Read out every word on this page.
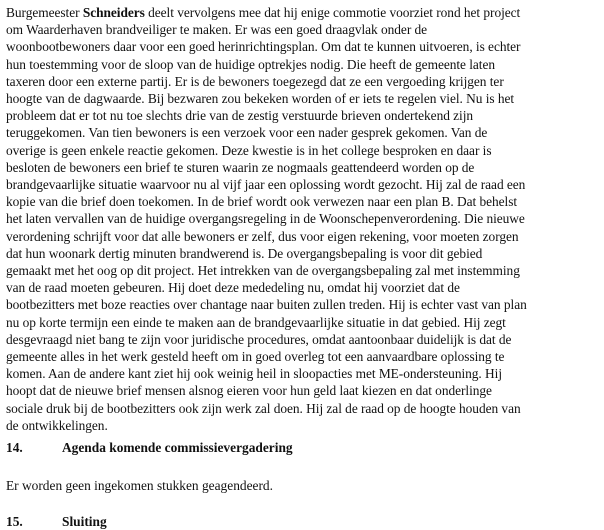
Burgemeester Schneiders deelt vervolgens mee dat hij enige commotie voorziet rond het project
om Waarderhaven brandveiliger te maken. Er was een goed draagvlak onder de
woonbootbewoners daar voor een goed herinrichtingsplan. Om dat te kunnen uitvoeren, is echter
hun toestemming voor de sloop van de huidige optrekjes nodig. Die heeft de gemeente laten
taxeren door een externe partij. Er is de bewoners toegezegd dat ze een vergoeding krijgen ter
hoogte van de dagwaarde. Bij bezwaren zou bekeken worden of er iets te regelen viel. Nu is het
probleem dat er tot nu toe slechts drie van de zestig verstuurde brieven ondertekend zijn
teruggekomen. Van tien bewoners is een verzoek voor een nader gesprek gekomen. Van de
overige is geen enkele reactie gekomen. Deze kwestie is in het college besproken en daar is
besloten de bewoners een brief te sturen waarin ze nogmaals geattendeerd worden op de
brandgevaarlijke situatie waarvoor nu al vijf jaar een oplossing wordt gezocht. Hij zal de raad een
kopie van die brief doen toekomen. In de brief wordt ook verwezen naar een plan B. Dat behelst
het laten vervallen van de huidige overgangsregeling in de Woonschepenverordening. Die nieuwe
verordening schrijft voor dat alle bewoners er zelf, dus voor eigen rekening, voor moeten zorgen
dat hun woonark dertig minuten brandwerend is. De overgangsbepaling is voor dit gebied
gemaakt met het oog op dit project. Het intrekken van de overgangsbepaling zal met instemming
van de raad moeten gebeuren. Hij doet deze mededeling nu, omdat hij voorziet dat de
bootbezitters met boze reacties over chantage naar buiten zullen treden. Hij is echter vast van plan
nu op korte termijn een einde te maken aan de brandgevaarlijke situatie in dat gebied. Hij zegt
desgevraagd niet bang te zijn voor juridische procedures, omdat aantoonbaar duidelijk is dat de
gemeente alles in het werk gesteld heeft om in goed overleg tot een aanvaardbare oplossing te
komen. Aan de andere kant ziet hij ook weinig heil in sloopacties met ME-ondersteuning. Hij
hoopt dat de nieuwe brief mensen alsnog eieren voor hun geld laat kiezen en dat onderlinge
sociale druk bij de bootbezitters ook zijn werk zal doen. Hij zal de raad op de hoogte houden van
de ontwikkelingen.
14.	Agenda komende commissievergadering
Er worden geen ingekomen stukken geagendeerd.
15.	Sluiting
